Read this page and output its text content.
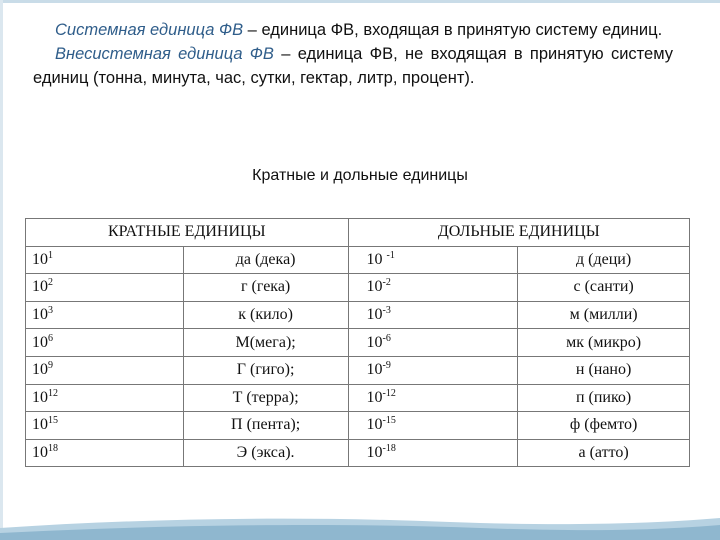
Системная единица ФВ – единица ФВ, входящая в принятую систему единиц.

Внесистемная единица ФВ – единица ФВ, не входящая в принятую систему единиц (тонна, минута, час, сутки, гектар, литр, процент).

Кратные и дольные единицы
КРАТНЫЕ ЕДИНИЦЫ		ДОЛЬНЫЕ ЕДИНИЦЫ	
$10^1$	да (дека)	10 $^{-1}$	д (деци)
$10^2$	г (гека)	$10^{-2}$	с (санти)
$10^3$	к (кило)	$10^{-3}$	м (милли)
$10^6$	М(мега);	$10^{-6}$	мк (микро)
$10^9$	Г (гиго);	$10^{-9}$	н (нано)
$10^{12}$	Т (терра);	$10^{-12}$	п (пико)
$10^{15}$	П (пента);	$10^{-15}$	ф (фемто)
$10^{18}$	Э (экса).	$10^{-18}$	а (атто)
